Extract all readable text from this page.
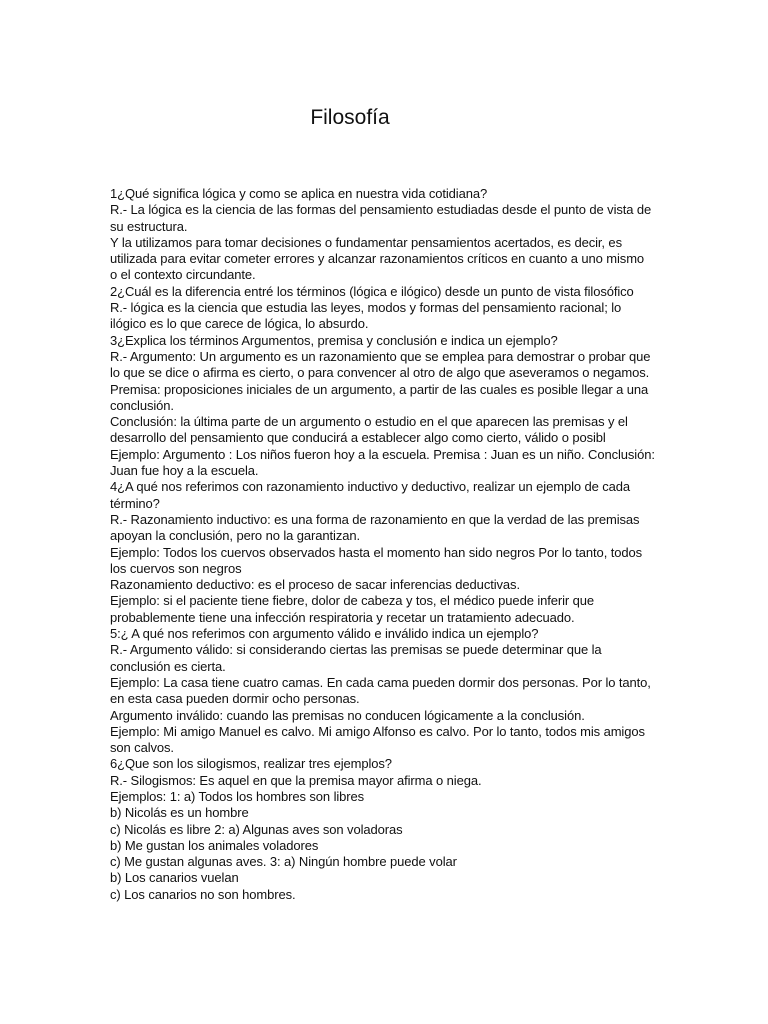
Filosofía
1¿Qué significa lógica y como se aplica en nuestra vida cotidiana?
R.- La lógica es la ciencia de las formas del pensamiento estudiadas desde el punto de vista de
su estructura.
Y la utilizamos para tomar decisiones o fundamentar pensamientos acertados, es decir, es
utilizada para evitar cometer errores y alcanzar razonamientos críticos en cuanto a uno mismo
o el contexto circundante.
2¿Cuál es la diferencia entré los términos (lógica e ilógico) desde un punto de vista filosófico
R.- lógica es la ciencia que estudia las leyes, modos y formas del pensamiento racional; lo
ilógico es lo que carece de lógica, lo absurdo.
3¿Explica los términos Argumentos, premisa y conclusión e indica un ejemplo?
R.- Argumento: Un argumento es un razonamiento que se emplea para demostrar o probar que
lo que se dice o afirma es cierto, o para convencer al otro de algo que aseveramos o negamos.
Premisa: proposiciones iniciales de un argumento, a partir de las cuales es posible llegar a una
conclusión.
Conclusión: la última parte de un argumento o estudio en el que aparecen las premisas y el
desarrollo del pensamiento que conducirá a establecer algo como cierto, válido o posibl
Ejemplo: Argumento : Los niños fueron hoy a la escuela. Premisa : Juan es un niño. Conclusión:
Juan fue hoy a la escuela.
4¿A qué nos referimos con razonamiento inductivo y deductivo, realizar un ejemplo de cada
término?
R.- Razonamiento inductivo: es una forma de razonamiento en que la verdad de las premisas
apoyan la conclusión, pero no la garantizan.
Ejemplo: Todos los cuervos observados hasta el momento han sido negros Por lo tanto, todos
los cuervos son negros
Razonamiento deductivo: es el proceso de sacar inferencias deductivas.
Ejemplo: si el paciente tiene fiebre, dolor de cabeza y tos, el médico puede inferir que
probablemente tiene una infección respiratoria y recetar un tratamiento adecuado.
5:¿ A qué nos referimos con argumento válido e inválido indica un ejemplo?
R.- Argumento válido: si considerando ciertas las premisas se puede determinar que la
conclusión es cierta.
Ejemplo: La casa tiene cuatro camas. En cada cama pueden dormir dos personas. Por lo tanto,
en esta casa pueden dormir ocho personas.
Argumento inválido: cuando las premisas no conducen lógicamente a la conclusión.
Ejemplo: Mi amigo Manuel es calvo. Mi amigo Alfonso es calvo. Por lo tanto, todos mis amigos
son calvos.
6¿Que son los silogismos, realizar tres ejemplos?
R.- Silogismos: Es aquel en que la premisa mayor afirma o niega.
Ejemplos: 1: a) Todos los hombres son libres
b) Nicolás es un hombre
c) Nicolás es libre 2: a) Algunas aves son voladoras
b) Me gustan los animales voladores
c) Me gustan algunas aves. 3: a) Ningún hombre puede volar
b) Los canarios vuelan
c) Los canarios no son hombres.
